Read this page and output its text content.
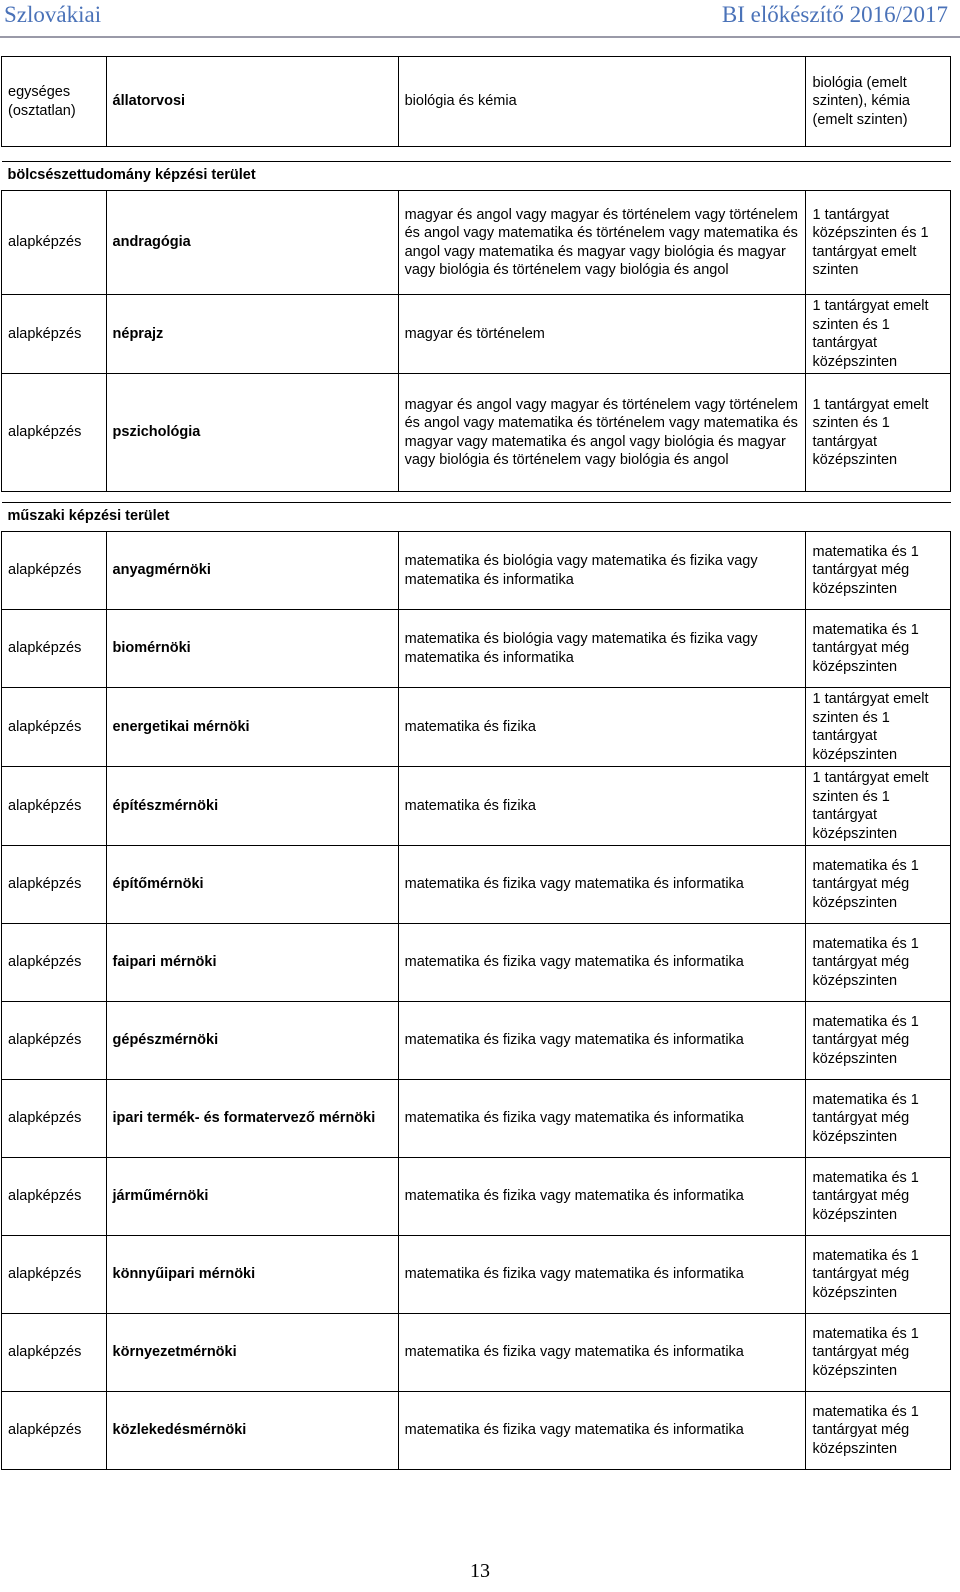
Szlovákiai	BI előkészítő 2016/2017
egységes (osztatlan)	állatorvosi	biológia és kémia	biológia (emelt szinten), kémia (emelt szinten)

bölcsészettudomány képzési terület			
alapképzés	andragógia	magyar és angol vagy magyar és történelem vagy történelem és angol vagy matematika és történelem vagy matematika és angol vagy matematika és magyar vagy biológia és magyar vagy biológia és történelem vagy biológia és angol	1 tantárgyat középszinten és 1 tantárgyat emelt szinten
alapképzés	néprajz	magyar és történelem	1 tantárgyat emelt szinten és 1 tantárgyat középszinten
alapképzés	pszichológia	magyar és angol vagy magyar és történelem vagy történelem és angol vagy matematika és történelem vagy matematika és magyar vagy matematika és angol vagy biológia és magyar vagy biológia és történelem vagy biológia és angol	1 tantárgyat emelt szinten és 1 tantárgyat középszinten

műszaki képzési terület			
alapképzés	anyagmérnöki	matematika és biológia vagy matematika és fizika vagy matematika és informatika	matematika és 1 tantárgyat még középszinten
alapképzés	biomérnöki	matematika és biológia vagy matematika és fizika vagy matematika és informatika	matematika és 1 tantárgyat még középszinten
alapképzés	energetikai mérnöki	matematika és fizika	1 tantárgyat emelt szinten és 1 tantárgyat középszinten
alapképzés	építészmérnöki	matematika és fizika	1 tantárgyat emelt szinten és 1 tantárgyat középszinten
alapképzés	építőmérnöki	matematika és fizika vagy matematika és informatika	matematika és 1 tantárgyat még középszinten
alapképzés	faipari mérnöki	matematika és fizika vagy matematika és informatika	matematika és 1 tantárgyat még középszinten
alapképzés	gépészmérnöki	matematika és fizika vagy matematika és informatika	matematika és 1 tantárgyat még középszinten
alapképzés	ipari termék- és formatervező mérnöki	matematika és fizika vagy matematika és informatika	matematika és 1 tantárgyat még középszinten
alapképzés	járműmérnöki	matematika és fizika vagy matematika és informatika	matematika és 1 tantárgyat még középszinten
alapképzés	könnyűipari mérnöki	matematika és fizika vagy matematika és informatika	matematika és 1 tantárgyat még középszinten
alapképzés	környezetmérnöki	matematika és fizika vagy matematika és informatika	matematika és 1 tantárgyat még középszinten
alapképzés	közlekedésmérnöki	matematika és fizika vagy matematika és informatika	matematika és 1 tantárgyat még középszinten
13
